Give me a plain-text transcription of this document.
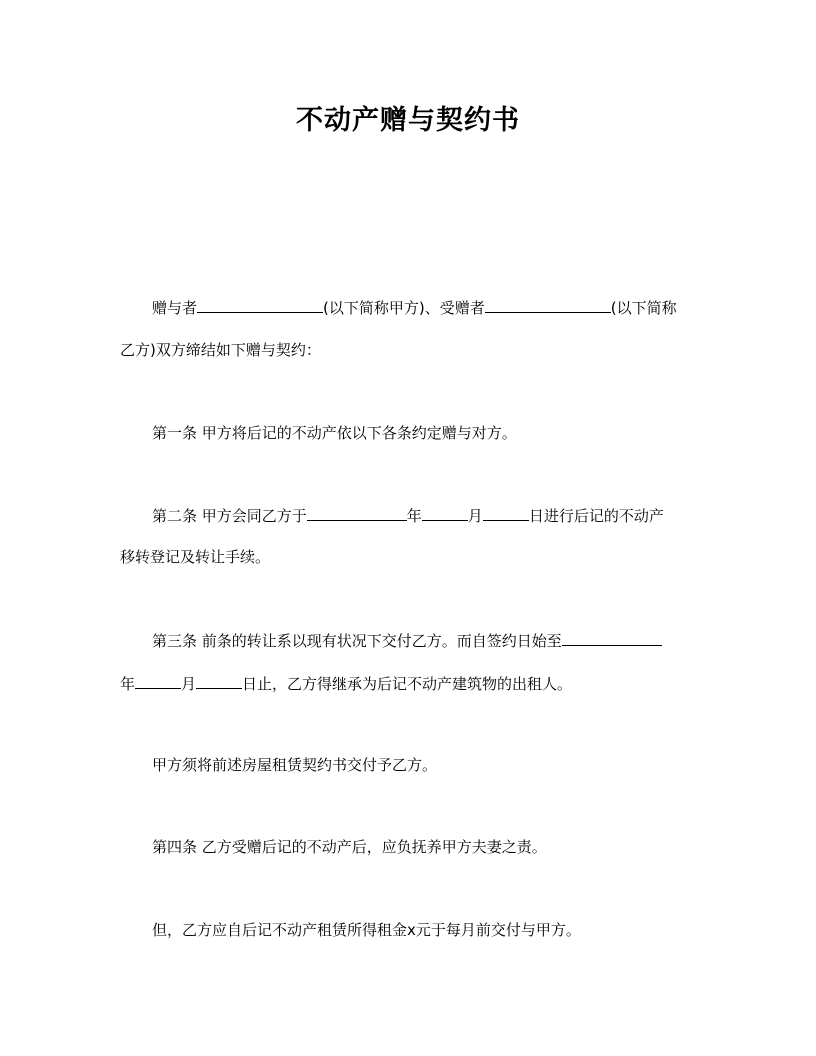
不动产赠与契约书
赠与者	(以下简称甲方)、受赠者	(以下简称
乙方)双方缔结如下赠与契约：
第一条 甲方将后记的不动产依以下各条约定赠与对方。
第二条 甲方会同乙方于	年	月	日进行后记的不动产
移转登记及转让手续。
第三条 前条的转让系以现有状况下交付乙方。而自签约日始至
年	月	日止，乙方得继承为后记不动产建筑物的出租人。
甲方须将前述房屋租赁契约书交付予乙方。
第四条 乙方受赠后记的不动产后，应负抚养甲方夫妻之责。
但，乙方应自后记不动产租赁所得租金x元于每月前交付与甲方。
